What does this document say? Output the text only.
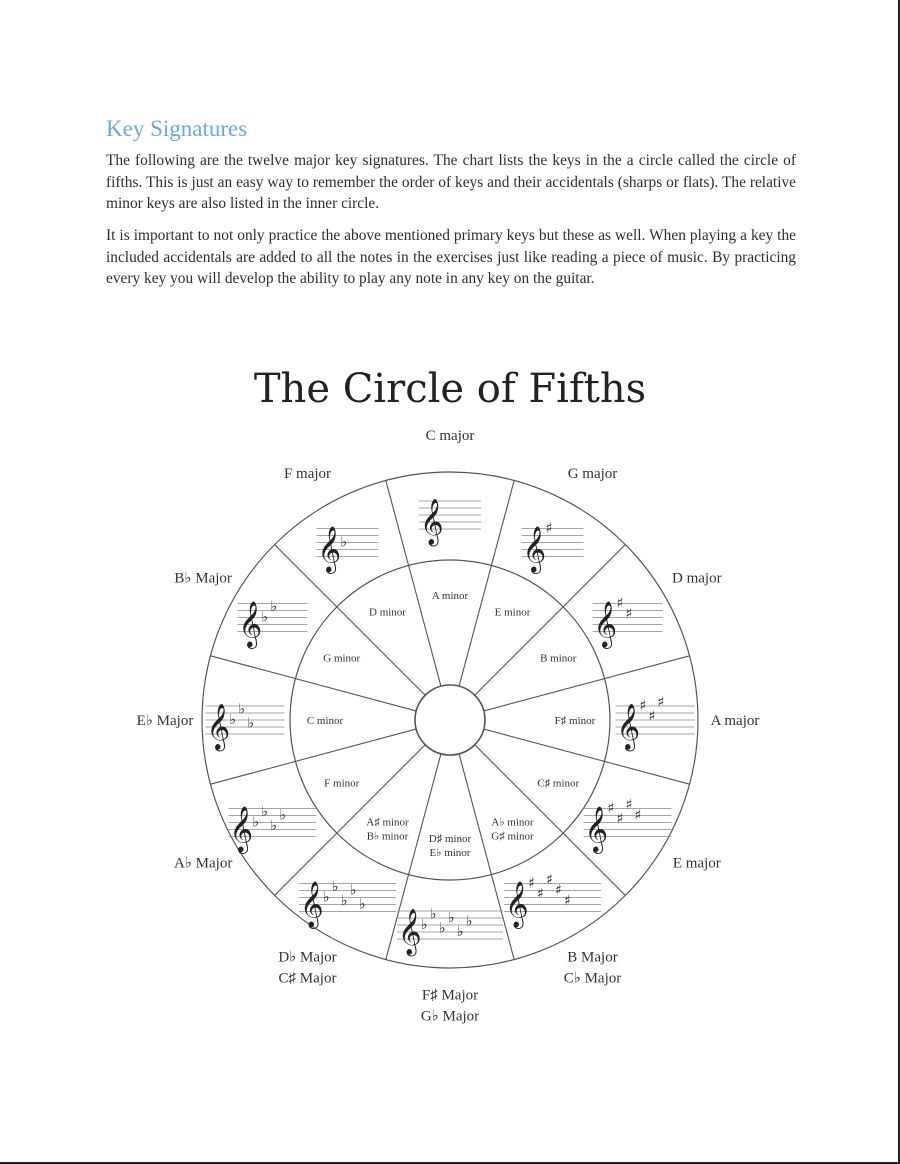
Key Signatures

The following are the twelve major key signatures. The chart lists the keys in the a circle called the circle of fifths. This is just an easy way to remember the order of keys and their accidentals (sharps or flats). The relative minor keys are also listed in the inner circle.

It is important to not only practice the above mentioned primary keys but these as well. When playing a key the included accidentals are added to all the notes in the exercises just like reading a piece of music. By practicing every key you will develop the ability to play any note in any key on the guitar.

The Circle of Fifths
𝄞
𝄞 ♯
𝄞 ♯
♯
𝄞 ♯
♯
♯
𝄞 ♯
♯
♯
♯
𝄞 ♯
♯
♯
♯
♯
𝄞 ♭
♭
♭
♭
♭
♭
𝄞 ♭
♭
♭
♭
♭
𝄞 ♭
♭
♭
♭
𝄞 ♭
♭
♭
𝄞 ♭
♭
𝄞 ♭
A minor
E minor
B minor
F♯ minor
C♯ minor
A♭ minor
G♯ minor
D♯ minor
E♭ minor
A♯ minor
B♭ minor
F minor
C minor
G minor
D minor
C major
G major
D major
A major
E major
B Major
C♭ Major
F♯ Major
G♭ Major
D♭ Major
C♯ Major
A♭ Major
E♭ Major
B♭ Major
F major
